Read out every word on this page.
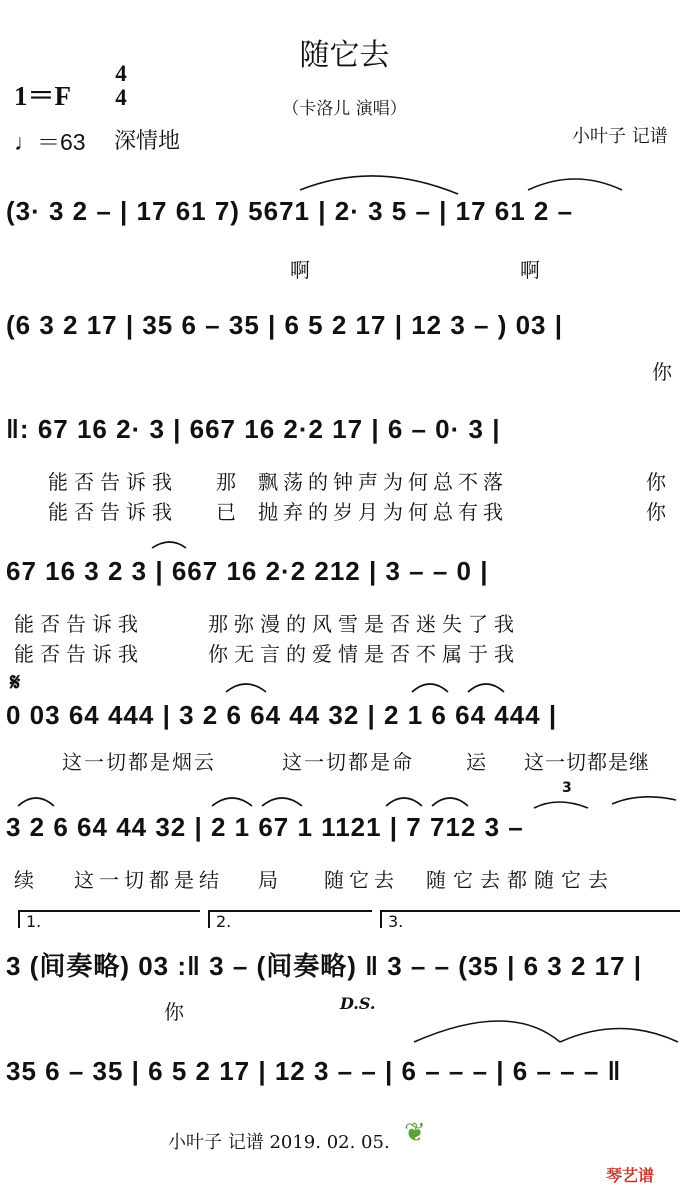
随它去
（卡洛儿 演唱）
1＝F
4
4
♩＝63 深情地	小叶子 记谱
(3· 3 2 – | 17 61 7) 5671 | 2· 3 5 – | 17 61 2 –
啊	啊
(6 3 2 17 | 35 6 – 35 | 6 5 2 17 | 12 3 – ) 03 |
你
‖: 67 16 2· 3 | 667 16 2·2 17 | 6 – 0· 3 |
能否告诉我 那 飘荡的钟声为何总不落	你
能否告诉我 已 抛弃的岁月为何总有我	你
67 16 3 2 3 | 667 16 2·2 212 | 3 – – 0 |
能否告诉我	那弥漫的风雪是否迷失了我
能否告诉我	你无言的爱情是否不属于我
𝄋
0 03 64 444 | 3 2 6 64 44 32 | 2 1 6 64 444 |
这一切都是烟云	这一切都是命	运 这一切都是继
3 2 6 64 44 32 | 2 1 67 1 1121 | 7 712 3 –
3
续 这一切都是结 局 随它去 随它去都随它去
1.	2.	3.
3 (间奏略) 03 :‖ 3 – (间奏略) ‖ 3 – – (35 | 6 3 2 17 |
你	D.S.
35 6 – 35 | 6 5 2 17 | 12 3 – – | 6 – – – | 6 – – – ‖
小叶子 记谱 2019. 02. 05. ❦
琴艺谱
